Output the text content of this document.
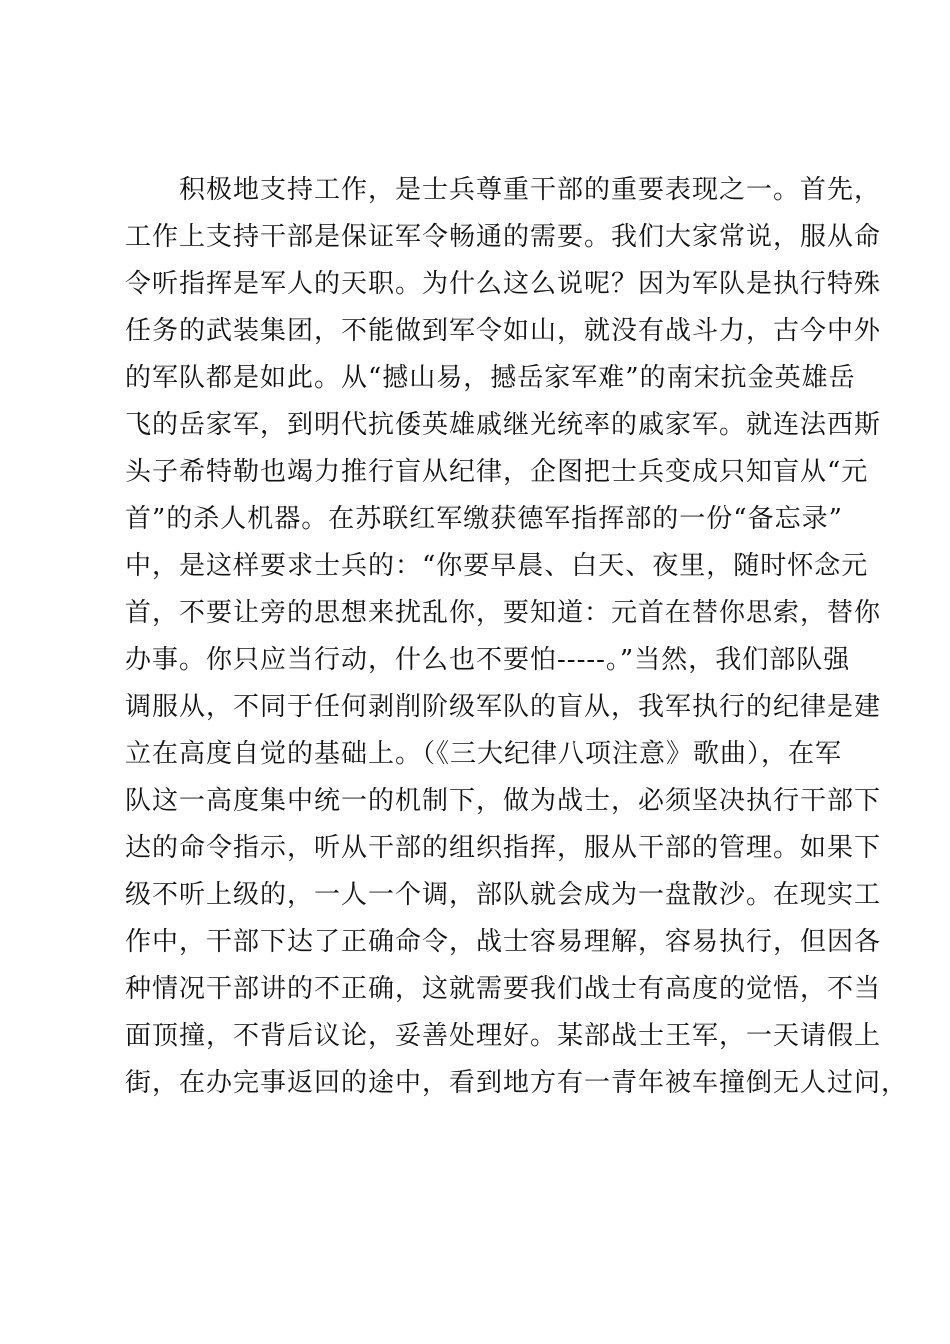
积极地支持工作，是士兵尊重干部的重要表现之一。首先，
工作上支持干部是保证军令畅通的需要。我们大家常说，服从命
令听指挥是军人的天职。为什么这么说呢？因为军队是执行特殊
任务的武装集团，不能做到军令如山，就没有战斗力，古今中外
的军队都是如此。从“撼山易，撼岳家军难”的南宋抗金英雄岳
飞的岳家军，到明代抗倭英雄戚继光统率的戚家军。就连法西斯
头子希特勒也竭力推行盲从纪律，企图把士兵变成只知盲从“元
首”的杀人机器。在苏联红军缴获德军指挥部的一份“备忘录”
中，是这样要求士兵的：“你要早晨、白天、夜里，随时怀念元
首，不要让旁的思想来扰乱你，要知道：元首在替你思索，替你
办事。你只应当行动，什么也不要怕-----。”当然，我们部队强
调服从，不同于任何剥削阶级军队的盲从，我军执行的纪律是建
立在高度自觉的基础上。（《三大纪律八项注意》歌曲），在军
队这一高度集中统一的机制下，做为战士，必须坚决执行干部下
达的命令指示，听从干部的组织指挥，服从干部的管理。如果下
级不听上级的，一人一个调，部队就会成为一盘散沙。在现实工
作中，干部下达了正确命令，战士容易理解，容易执行，但因各
种情况干部讲的不正确，这就需要我们战士有高度的觉悟，不当
面顶撞，不背后议论，妥善处理好。某部战士王军，一天请假上
街，在办完事返回的途中，看到地方有一青年被车撞倒无人过问，
